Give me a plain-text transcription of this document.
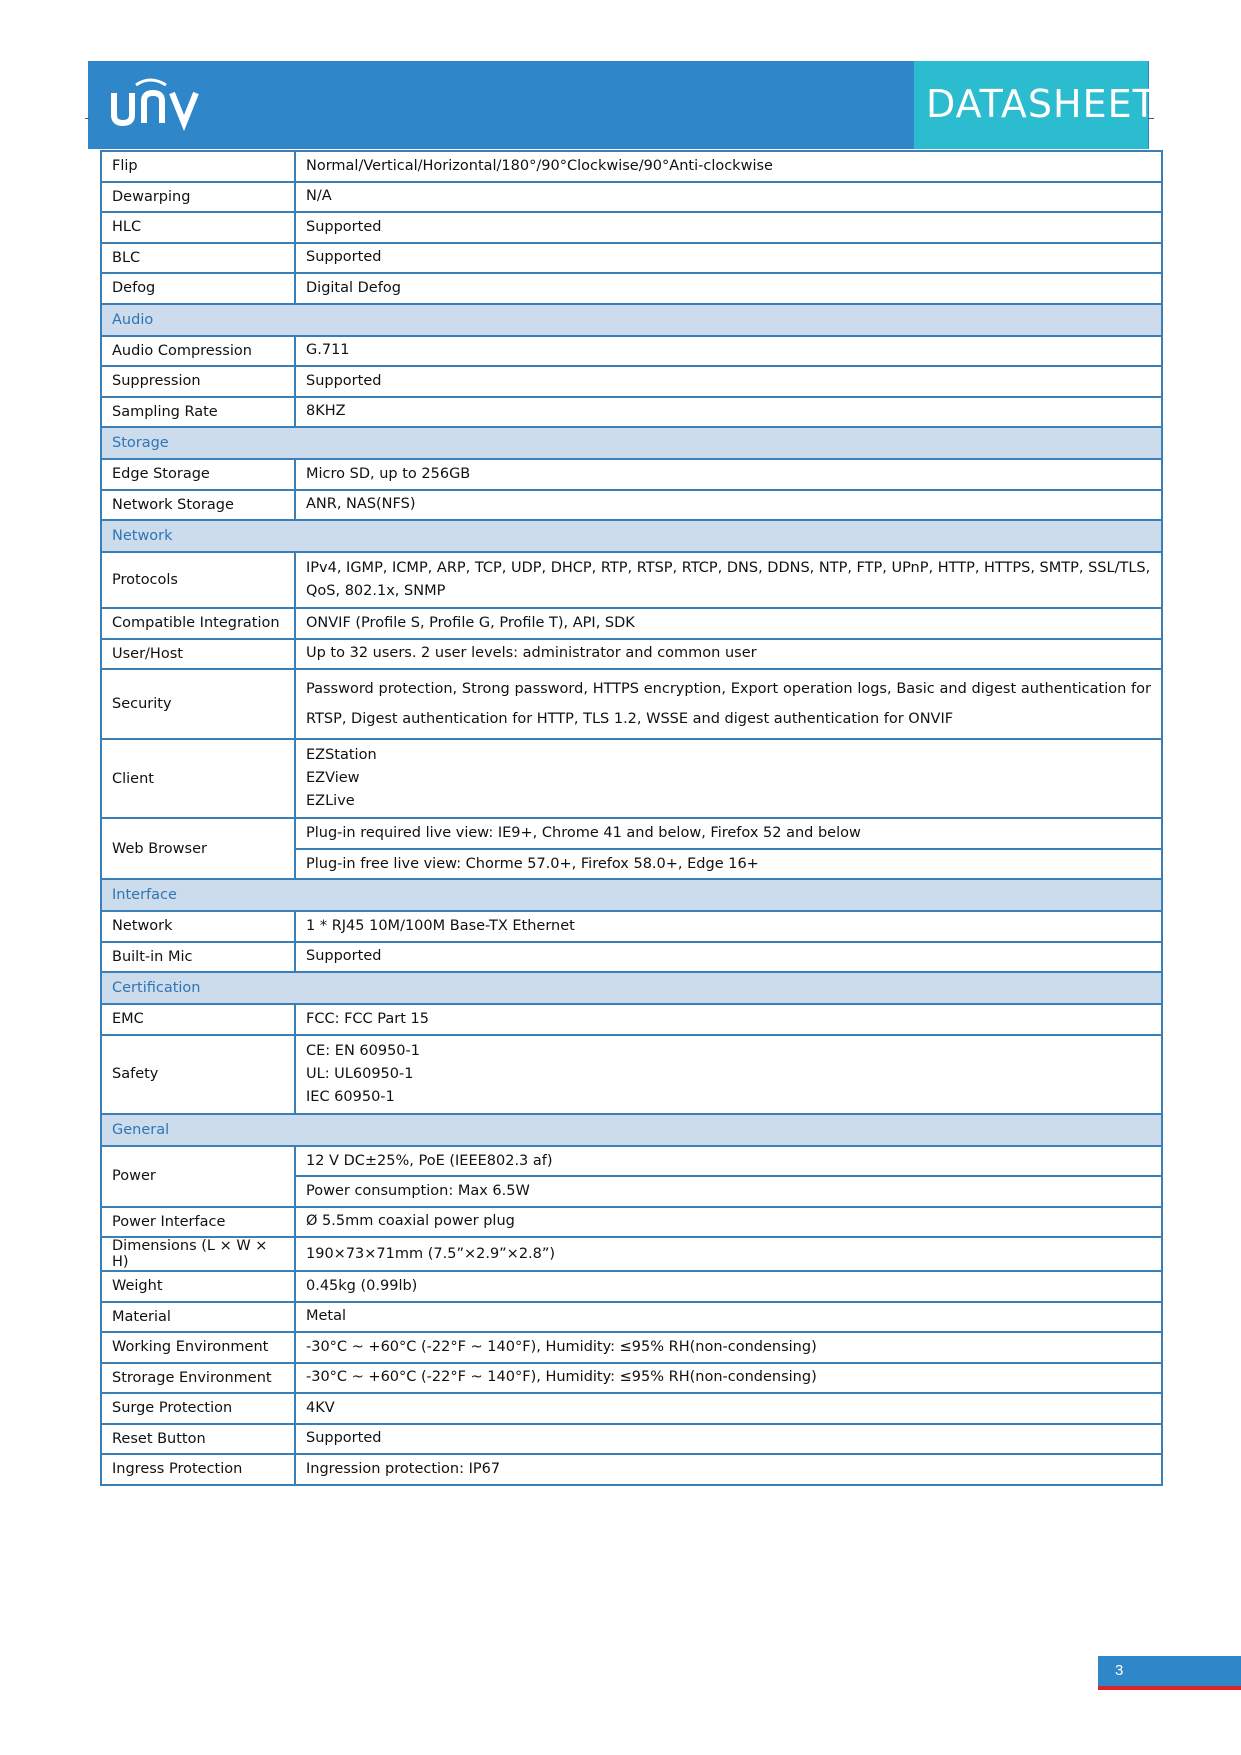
DATASHEET
Flip	Normal/Vertical/Horizontal/180°/90°Clockwise/90°Anti-clockwise

Dewarping	N/A

HLC	Supported

BLC	Supported

Defog	Digital Defog

Audio	
Audio Compression	G.711

Suppression	Supported

Sampling Rate	8KHZ

Storage	
Edge Storage	Micro SD, up to 256GB

Network Storage	ANR, NAS(NFS)

Network	
Protocols	IPv4, IGMP, ICMP, ARP, TCP, UDP, DHCP, RTP, RTSP, RTCP, DNS, DDNS, NTP, FTP, UPnP, HTTP, HTTPS, SMTP, SSL/TLS, QoS, 802.1x, SNMP

Compatible Integration	ONVIF (Profile S, Profile G, Profile T), API, SDK

User/Host	Up to 32 users. 2 user levels: administrator and common user

Security	Password protection, Strong password, HTTPS encryption, Export operation logs, Basic and digest authentication for RTSP, Digest authentication for HTTP, TLS 1.2, WSSE and digest authentication for ONVIF

Client	EZStation
EZView
EZLive

Web Browser	Plug-in required live view: IE9+, Chrome 41 and below, Firefox 52 and below
	Plug-in free live view: Chorme 57.0+, Firefox 58.0+, Edge 16+
Interface	
Network	1 * RJ45 10M/100M Base-TX Ethernet

Built-in Mic	Supported

Certification	
EMC	FCC: FCC Part 15

Safety	CE: EN 60950-1
UL: UL60950-1
IEC 60950-1

General	
Power	12 V DC±25%, PoE (IEEE802.3 af)
	Power consumption: Max 6.5W
Power Interface	Ø 5.5mm coaxial power plug

Dimensions (L × W × H)	190×73×71mm (7.5”×2.9”×2.8”)

Weight	0.45kg (0.99lb)

Material	Metal

Working Environment	-30°C ~ +60°C (-22°F ~ 140°F), Humidity: ≤95% RH(non-condensing)

Strorage Environment	-30°C ~ +60°C (-22°F ~ 140°F), Humidity: ≤95% RH(non-condensing)

Surge Protection	4KV

Reset Button	Supported

Ingress Protection	Ingression protection: IP67
3
